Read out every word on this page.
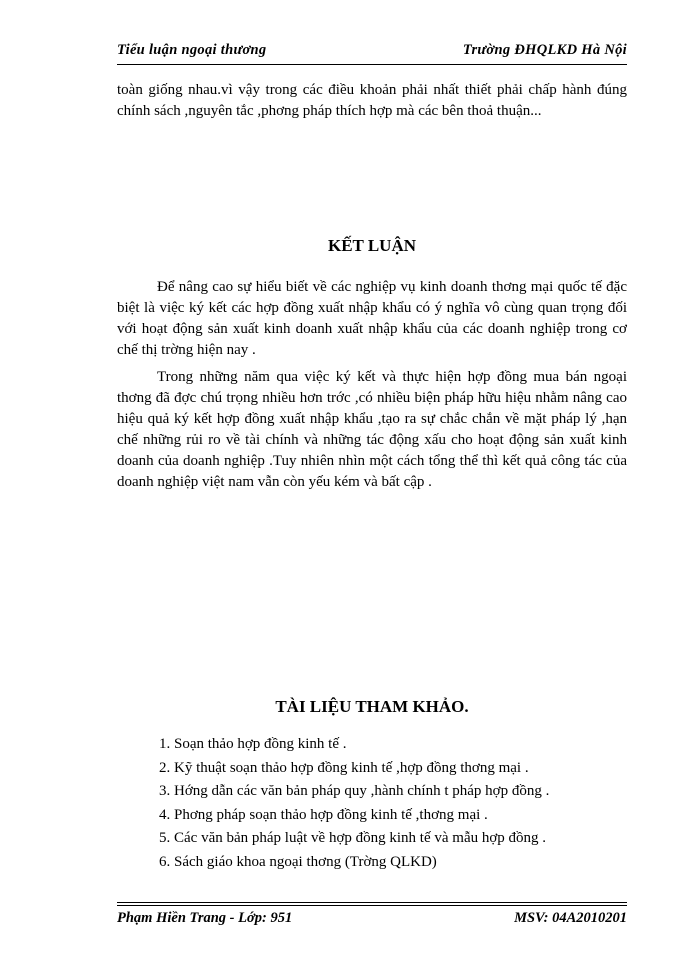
Tiểu luận ngoại thương	Trường ĐHQLKD Hà Nội

toàn giống nhau.vì vậy trong các điều khoản phải nhất thiết phải chấp hành đúng chính sách ,nguyên tắc ,phơng pháp thích hợp mà các bên thoả thuận...

KẾT LUẬN

Để nâng cao sự hiểu biết về các nghiệp vụ kinh doanh thơng mại quốc tế đặc biệt là việc ký kết các hợp đồng xuất nhập khẩu có ý nghĩa vô cùng quan trọng đối với hoạt động sản xuất kinh doanh xuất nhập khẩu của các doanh nghiệp trong cơ chế thị trờng hiện nay .

Trong những năm qua việc ký kết và thực hiện hợp đồng mua bán ngoại thơng đã đợc chú trọng nhiều hơn trớc ,có nhiều biện pháp hữu hiệu nhằm nâng cao hiệu quả ký kết hợp đồng xuất nhập khẩu ,tạo ra sự chắc chắn về mặt pháp lý ,hạn chế những rủi ro về tài chính và những tác động xấu cho hoạt động sản xuất kinh doanh của doanh nghiệp .Tuy nhiên nhìn một cách tổng thể thì kết quả công tác của doanh nghiệp việt nam vẫn còn yếu kém và bất cập .

TÀI LIỆU THAM KHẢO.
1. Soạn thảo hợp đồng kinh tế .
2. Kỹ thuật soạn thảo hợp đồng kinh tế ,hợp đồng thơng mại .
3. Hớng dẫn các văn bản pháp quy ,hành chính t pháp hợp đồng .
4. Phơng pháp soạn thảo hợp đồng kinh tế ,thơng mại .
5. Các văn bản pháp luật về hợp đồng kinh tế và mẫu hợp đồng .
6. Sách giáo khoa ngoại thơng (Trờng QLKD)
Phạm Hiền Trang - Lớp: 951	MSV: 04A2010201
